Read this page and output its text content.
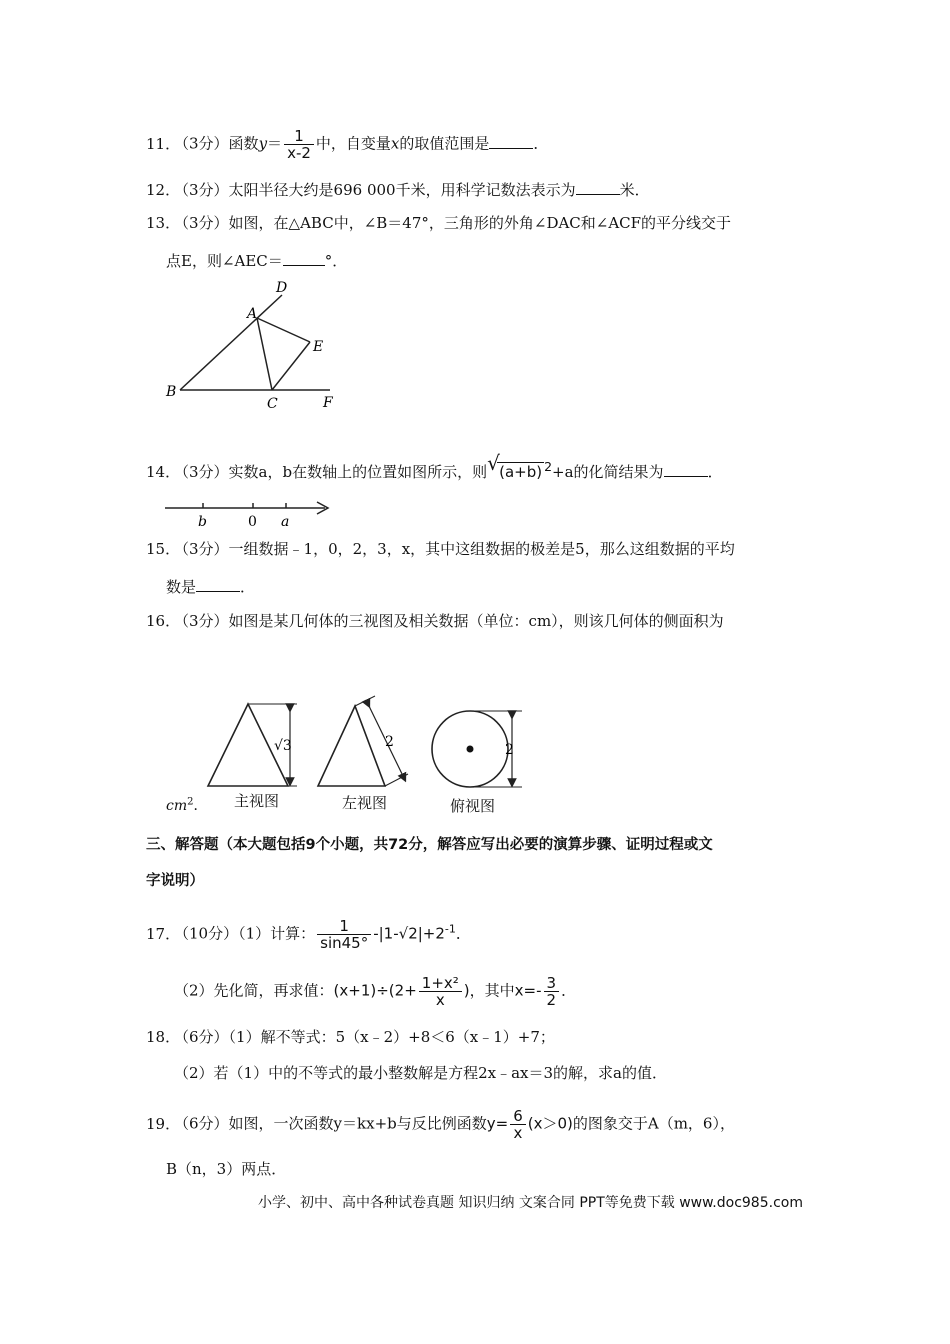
11．（3分）函数$y= \frac{1}{x-2}$ 中，自变量x的取值范围是	．
12．（3分）太阳半径大约是696 000千米，用科学记数法表示为	米．
13．（3分）如图，在△ABC中，∠B＝47°，三角形的外角∠DAC和∠ACF的平分线交于
点E，则∠AEC＝	°．
A
B
C
D
E
F
14．（3分）实数a，b在数轴上的位置如图所示，则 √ (a+b) $^2$+a的化简结果为	．
b	0 a
15．（3分）一组数据﹣1，0，2，3，x，其中这组数据的极差是5，那么这组数据的平均
数是	．
16．（3分）如图是某几何体的三视图及相关数据（单位：cm），则该几何体的侧面积为
√3	2	2
$cm^2$． 主视图	左视图	俯视图
三、解答题（本大题包括9个小题，共72分，解答应写出必要的演算步骤、证明过程或文
字说明）
17．（10分）（1）计算： $\frac{1}{\sin 45^\circ} -|1-√2|+2^{-1}$．
（2）先化简，再求值：$(x+1)\div(2+ \frac{\text{1+x²}}{x}$ )，其中$x=- \frac{3}{2}$ ．
18．（6分）（1）解不等式：5（x﹣2）+8＜6（x﹣1）+7；
（2）若（1）中的不等式的最小整数解是方程2x﹣ax＝3的解，求a的值．
19．（6分）如图，一次函数y＝kx+b与反比例函数$y= \frac{6}{x} (x>0)$的图象交于A（m，6），
B（n，3）两点．
小学、初中、高中各种试卷真题 知识归纳 文案合同 PPT等免费下载 www.doc985.com
